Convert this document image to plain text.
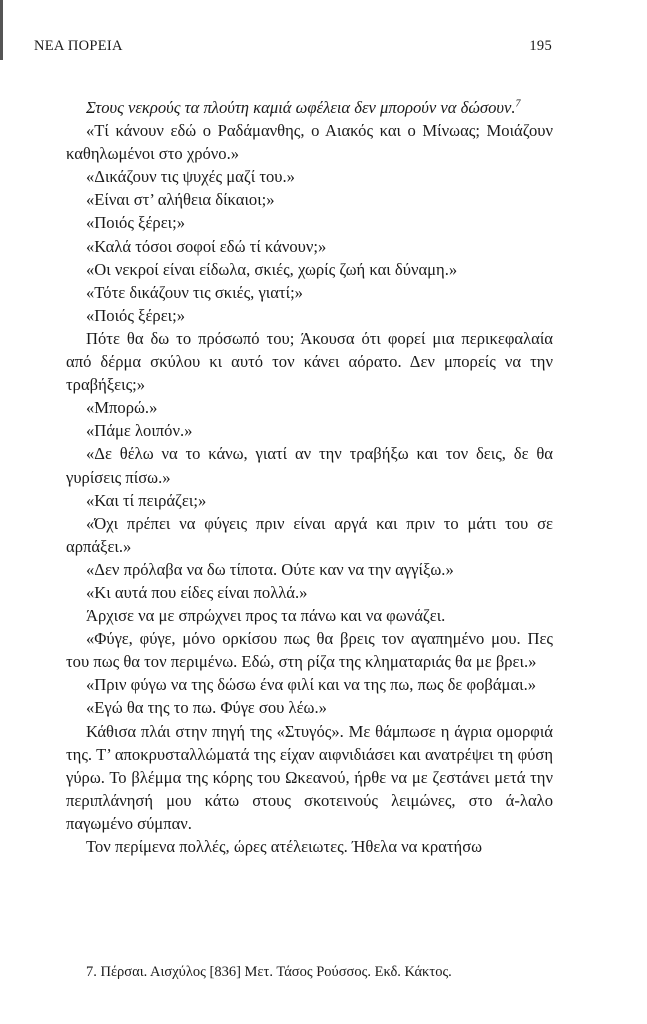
ΝΕΑ ΠΟΡΕΙΑ	195

Στους νεκρούς τα πλούτη καμιά ωφέλεια δεν μπορούν να δώσουν.$^7$

«Τί κάνουν εδώ ο Ραδάμανθης, ο Αιακός και ο Μίνωας; Μοιάζουν καθηλωμένοι στο χρόνο.»

«Δικάζουν τις ψυχές μαζί του.»

«Είναι στ’ αλήθεια δίκαιοι;»

«Ποιός ξέρει;»

«Καλά τόσοι σοφοί εδώ τί κάνουν;»

«Οι νεκροί είναι είδωλα, σκιές, χωρίς ζωή και δύναμη.»

«Τότε δικάζουν τις σκιές, γιατί;»

«Ποιός ξέρει;»

Πότε θα δω το πρόσωπό του; Άκουσα ότι φορεί μια περικεφαλαία από δέρμα σκύλου κι αυτό τον κάνει αόρατο. Δεν μπορείς να την τραβήξεις;»

«Μπορώ.»

«Πάμε λοιπόν.»

«Δε θέλω να το κάνω, γιατί αν την τραβήξω και τον δεις, δε θα γυρίσεις πίσω.»

«Και τί πειράζει;»

«Όχι πρέπει να φύγεις πριν είναι αργά και πριν το μάτι του σε αρπάξει.»

«Δεν πρόλαβα να δω τίποτα. Ούτε καν να την αγγίξω.»

«Κι αυτά που είδες είναι πολλά.»

Άρχισε να με σπρώχνει προς τα πάνω και να φωνάζει.

«Φύγε, φύγε, μόνο ορκίσου πως θα βρεις τον αγαπημένο μου. Πες του πως θα τον περιμένω. Εδώ, στη ρίζα της κληματαριάς θα με βρει.»

«Πριν φύγω να της δώσω ένα φιλί και να της πω, πως δε φοβάμαι.»

«Εγώ θα της το πω. Φύγε σου λέω.»

Κάθισα πλάι στην πηγή της «Στυγός». Με θάμπωσε η άγρια ομορφιά της. Τ’ αποκρυσταλλώματά της είχαν αιφνιδιάσει και ανατρέψει τη φύση γύρω. Το βλέμμα της κόρης του Ωκεανού, ήρθε να με ζεστάνει μετά την περιπλάνησή μου κάτω στους σκοτεινούς λειμώνες, στο ά-λαλο παγωμένο σύμπαν.

Τον περίμενα πολλές, ώρες ατέλειωτες. Ήθελα να κρατήσω

7. Πέρσαι. Αισχύλος [836] Μετ. Τάσος Ρούσσος. Εκδ. Κάκτος.
